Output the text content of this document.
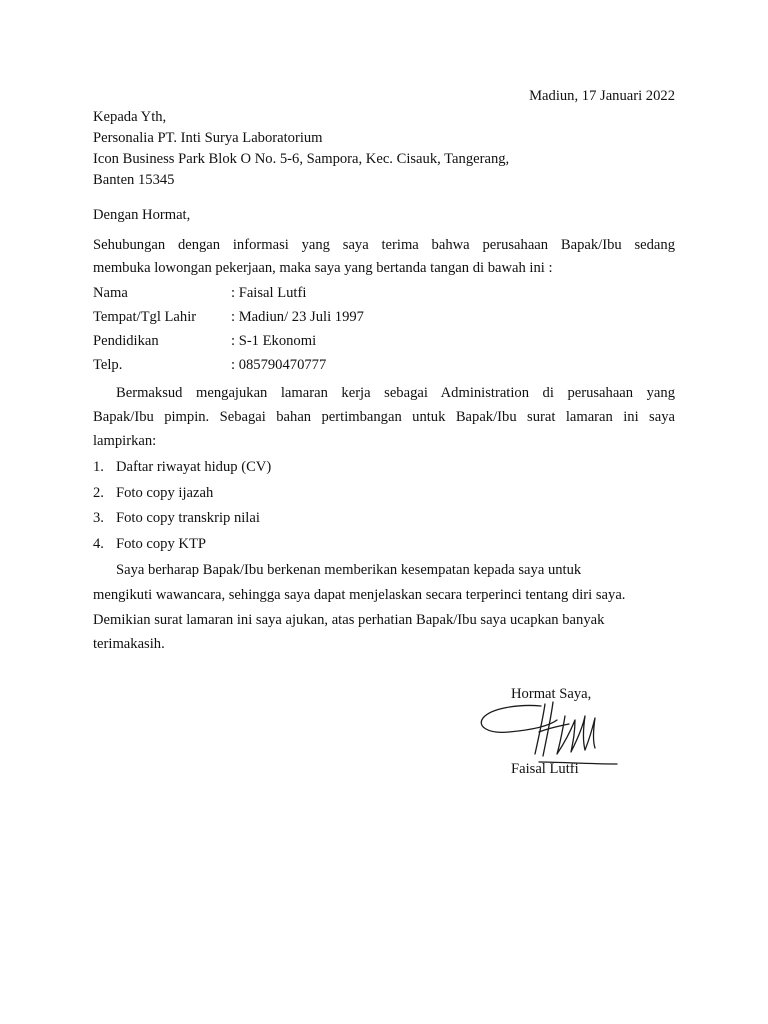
Madiun, 17 Januari 2022
Kepada Yth,
Personalia PT. Inti Surya Laboratorium
Icon Business Park Blok O No. 5-6, Sampora, Kec. Cisauk, Tangerang,
Banten 15345
Dengan Hormat,
Sehubungan dengan informasi yang saya terima bahwa perusahaan Bapak/Ibu sedang
membuka lowongan pekerjaan, maka saya yang bertanda tangan di bawah ini :
Nama	: Faisal Lutfi
Tempat/Tgl Lahir : Madiun/ 23 Juli 1997
Pendidikan	: S-1 Ekonomi
Telp.	: 085790470777
Bermaksud mengajukan lamaran kerja sebagai Administration di perusahaan yang
Bapak/Ibu pimpin. Sebagai bahan pertimbangan untuk Bapak/Ibu surat lamaran ini saya
lampirkan:
1. Daftar riwayat hidup (CV)
2. Foto copy ijazah
3. Foto copy transkrip nilai
4. Foto copy KTP
Saya berharap Bapak/Ibu berkenan memberikan kesempatan kepada saya untuk
mengikuti wawancara, sehingga saya dapat menjelaskan secara terperinci tentang diri saya.
Demikian surat lamaran ini saya ajukan, atas perhatian Bapak/Ibu saya ucapkan banyak
terimakasih.
Hormat Saya,
Faisal Lutfi
